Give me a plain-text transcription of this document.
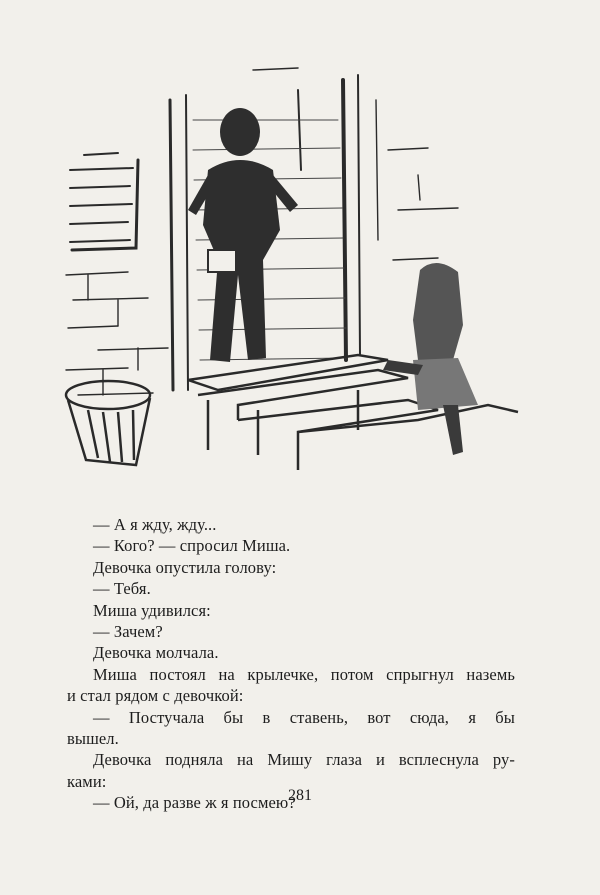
— А я жду, жду...
— Кого? — спросил Миша.
Девочка опустила голову:
— Тебя.
Миша удивился:
— Зачем?
Девочка молчала.
Миша постоял на крылечке, потом спрыгнул наземь
и стал рядом с девочкой:
— Постучала бы в ставень, вот сюда, я бы
вышел.
Девочка подняла на Мишу глаза и всплеснула ру-
ками:
— Ой, да разве ж я посмею?
281
